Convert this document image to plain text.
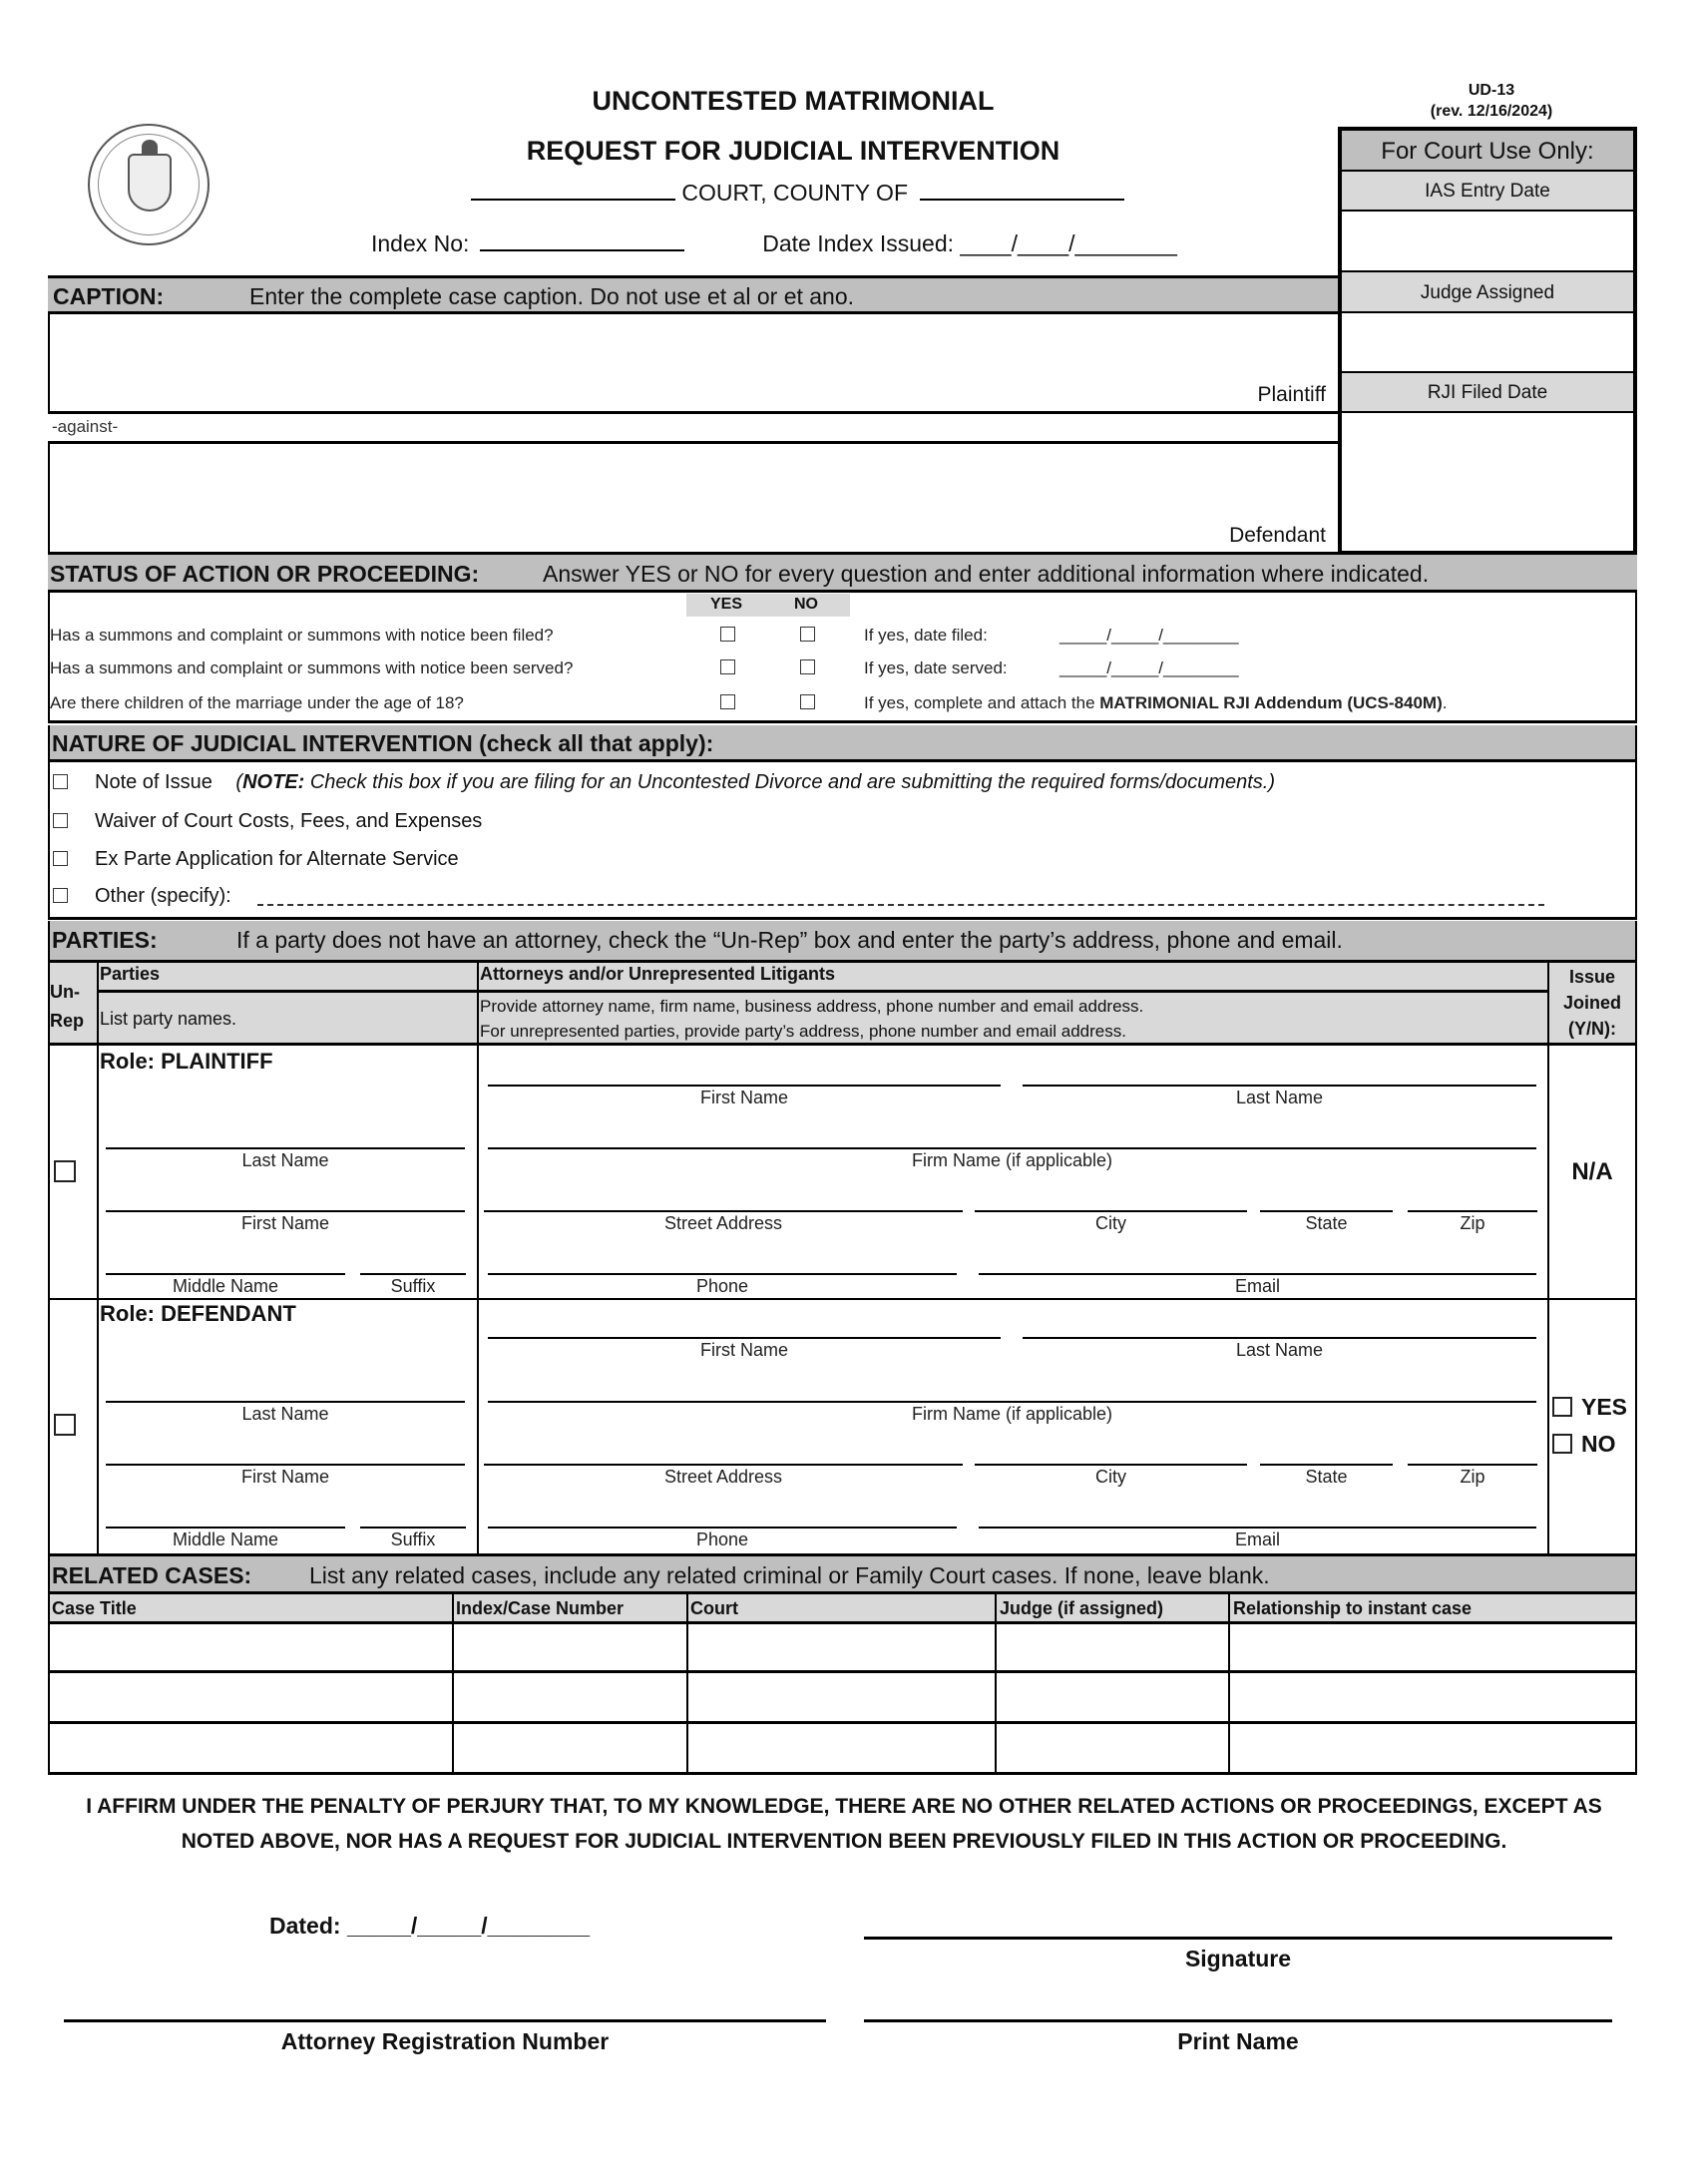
UNCONTESTED MATRIMONIAL
REQUEST FOR JUDICIAL INTERVENTION
COURT, COUNTY OF
Index No:	Date Index Issued: ____/____/________
UD-13
(rev. 12/16/2024)
For Court Use Only:
IAS Entry Date
Judge Assigned
RJI Filed Date
CAPTION:	Enter the complete case caption. Do not use et al or et ano.
Plaintiff
-against-
Defendant
STATUS OF ACTION OR PROCEEDING:	Answer YES or NO for every question and enter additional information where indicated.
YES	NO
Has a summons and complaint or summons with notice been filed?	If yes, date filed:	_____/_____/________
Has a summons and complaint or summons with notice been served?	If yes, date served:	_____/_____/________
Are there children of the marriage under the age of 18?	If yes, complete and attach the MATRIMONIAL RJI Addendum (UCS-840M).
NATURE OF JUDICIAL INTERVENTION (check all that apply):
Note of Issue (NOTE: Check this box if you are filing for an Uncontested Divorce and are submitting the required forms/documents.)
Waiver of Court Costs, Fees, and Expenses
Ex Parte Application for Alternate Service
Other (specify):
PARTIES:	If a party does not have an attorney, check the “Un-Rep” box and enter the party’s address, phone and email.
Un-Rep
Parties
List party names.
Attorneys and/or Unrepresented Litigants
Provide attorney name, firm name, business address, phone number and email address.
For unrepresented parties, provide party’s address, phone number and email address.
Issue Joined (Y/N):
Role: PLAINTIFF
Last Name
First Name
Middle Name	Suffix
First Name	Last Name
Firm Name (if applicable)
Street Address	City	State	Zip
Phone	Email
N/A
Role: DEFENDANT
Last Name
First Name
Middle Name	Suffix
First Name	Last Name
Firm Name (if applicable)
Street Address	City	State	Zip
Phone	Email
YES
NO
RELATED CASES:	List any related cases, include any related criminal or Family Court cases. If none, leave blank.
Case Title	Index/Case Number	Court	Judge (if assigned)	Relationship to instant case
I AFFIRM UNDER THE PENALTY OF PERJURY THAT, TO MY KNOWLEDGE, THERE ARE NO OTHER RELATED ACTIONS OR PROCEEDINGS, EXCEPT AS
NOTED ABOVE, NOR HAS A REQUEST FOR JUDICIAL INTERVENTION BEEN PREVIOUSLY FILED IN THIS ACTION OR PROCEEDING.
Dated: _____/_____/________
Signature
Attorney Registration Number	Print Name
